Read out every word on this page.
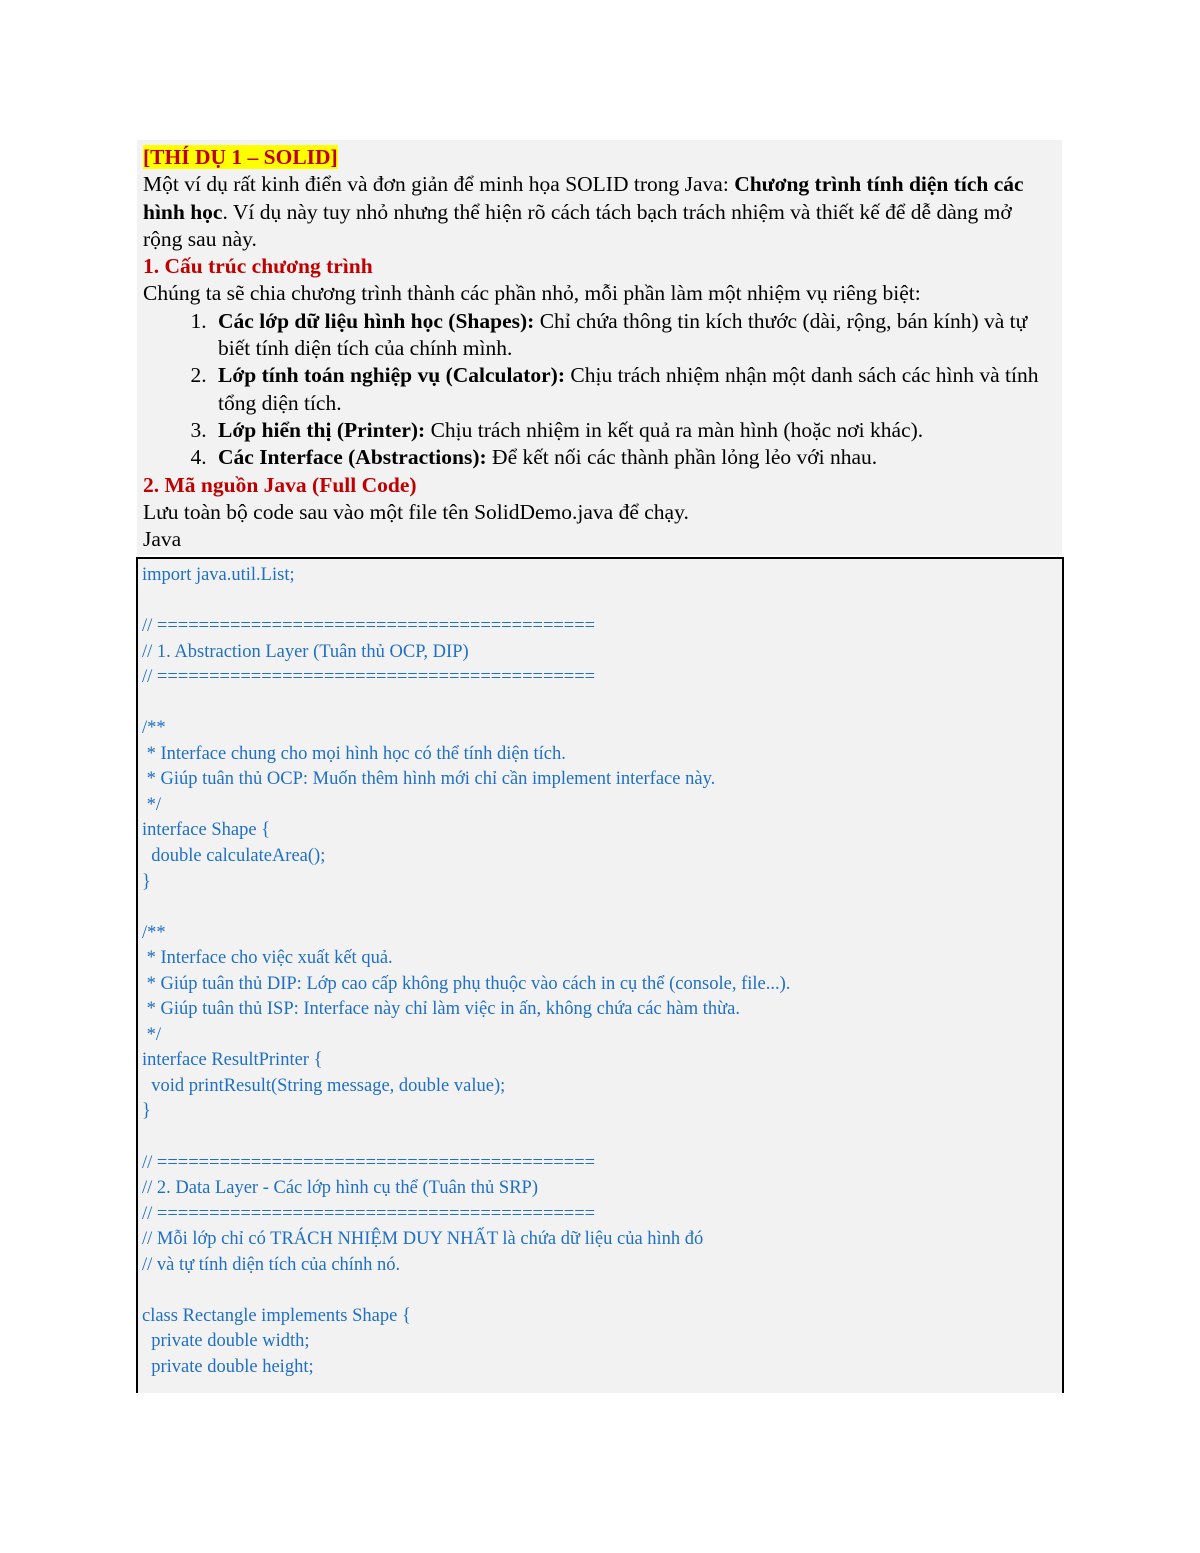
[THÍ DỤ 1 – SOLID]

Một ví dụ rất kinh điển và đơn giản để minh họa SOLID trong Java: Chương trình tính diện tích các hình học. Ví dụ này tuy nhỏ nhưng thể hiện rõ cách tách bạch trách nhiệm và thiết kế để dễ dàng mở rộng sau này.

1. Cấu trúc chương trình

Chúng ta sẽ chia chương trình thành các phần nhỏ, mỗi phần làm một nhiệm vụ riêng biệt:

1. Các lớp dữ liệu hình học (Shapes): Chỉ chứa thông tin kích thước (dài, rộng, bán kính) và tự biết tính diện tích của chính mình.
2. Lớp tính toán nghiệp vụ (Calculator): Chịu trách nhiệm nhận một danh sách các hình và tính tổng diện tích.
3. Lớp hiển thị (Printer): Chịu trách nhiệm in kết quả ra màn hình (hoặc nơi khác).
4. Các Interface (Abstractions): Để kết nối các thành phần lỏng lẻo với nhau.

2. Mã nguồn Java (Full Code)

Lưu toàn bộ code sau vào một file tên SolidDemo.java để chạy.

Java

import java.util.List;
// ==========================================
// 1. Abstraction Layer (Tuân thủ OCP, DIP)
// ==========================================
/**
* Interface chung cho mọi hình học có thể tính diện tích.
* Giúp tuân thủ OCP: Muốn thêm hình mới chỉ cần implement interface này.
*/
interface Shape {
double calculateArea();
}
/**
* Interface cho việc xuất kết quả.
* Giúp tuân thủ DIP: Lớp cao cấp không phụ thuộc vào cách in cụ thể (console, file...).
* Giúp tuân thủ ISP: Interface này chỉ làm việc in ấn, không chứa các hàm thừa.
*/
interface ResultPrinter {
void printResult(String message, double value);
}
// ==========================================
// 2. Data Layer - Các lớp hình cụ thể (Tuân thủ SRP)
// ==========================================
// Mỗi lớp chỉ có TRÁCH NHIỆM DUY NHẤT là chứa dữ liệu của hình đó
// và tự tính diện tích của chính nó.
class Rectangle implements Shape {
private double width;
private double height;
